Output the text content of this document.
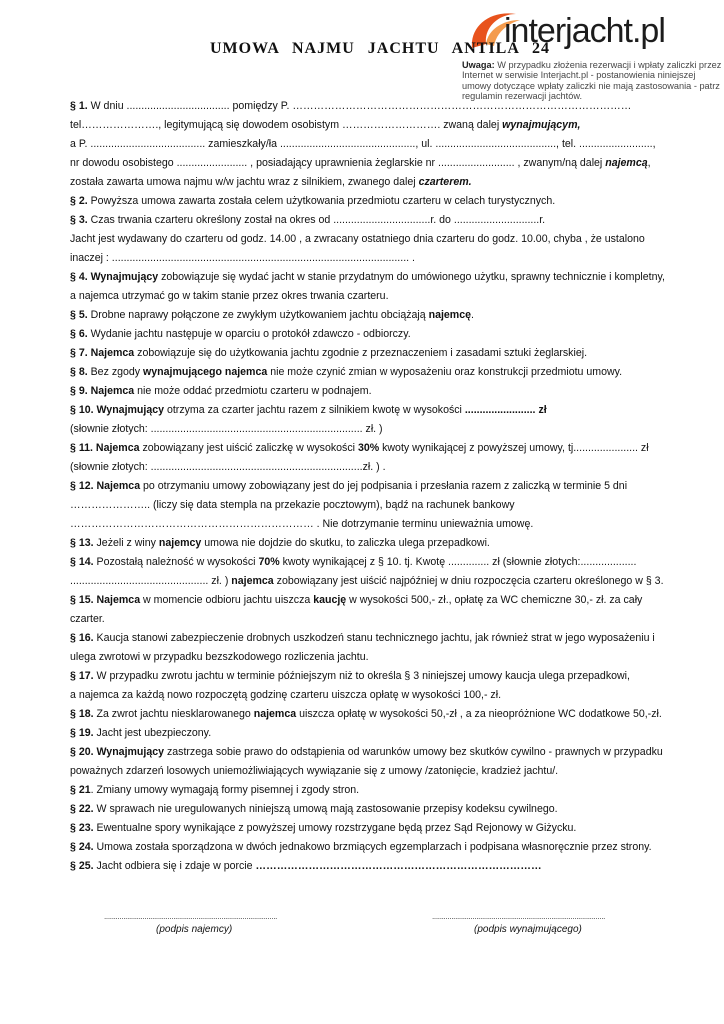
interjacht.pl
UMOWA NAJMU JACHTU ANTILA 24
Uwaga: W przypadku złożenia rezerwacji i wpłaty zaliczki przez Internet w serwisie Interjacht.pl - postanowienia niniejszej umowy dotyczące wpłaty zaliczki nie mają zastosowania - patrz regulamin rezerwacji jachtów.
§ 1. W dniu ................................... pomiędzy P. ……………………………………………………………………………………
tel…………………., legitymującą się dowodem osobistym ………………………. zwaną dalej wynajmującym,
a P. ....................................... zamieszkały/ła .............................................., ul. ........................................., tel. .........................,
nr dowodu osobistego ........................ , posiadający uprawnienia żeglarskie nr .......................... , zwanym/ną dalej najemcą,
została zawarta umowa najmu w/w jachtu wraz z silnikiem, zwanego dalej czarterem.
§ 2. Powyższa umowa zawarta została celem użytkowania przedmiotu czarteru w celach turystycznych.
§ 3. Czas trwania czarteru określony został na okres od .................................r. do .............................r.
Jacht jest wydawany do czarteru od godz. 14.00 , a zwracany ostatniego dnia czarteru do godz. 10.00, chyba , że ustalono
inaczej : ..................................................................................................... .
§ 4. Wynajmujący zobowiązuje się wydać jacht w stanie przydatnym do umówionego użytku, sprawny technicznie i kompletny,
a najemca utrzymać go w takim stanie przez okres trwania czarteru.
§ 5. Drobne naprawy połączone ze zwykłym użytkowaniem jachtu obciążają najemcę.
§ 6. Wydanie jachtu następuje w oparciu o protokół zdawczo - odbiorczy.
§ 7. Najemca zobowiązuje się do użytkowania jachtu zgodnie z przeznaczeniem i zasadami sztuki żeglarskiej.
§ 8. Bez zgody wynajmującego najemca nie może czynić zmian w wyposażeniu oraz konstrukcji przedmiotu umowy.
§ 9. Najemca nie może oddać przedmiotu czarteru w podnajem.
§ 10. Wynajmujący otrzyma za czarter jachtu razem z silnikiem kwotę w wysokości ........................ zł
(słownie złotych: ........................................................................ zł. )
§ 11. Najemca zobowiązany jest uiścić zaliczkę w wysokości 30% kwoty wynikającej z powyższej umowy, tj...................... zł
(słownie złotych: ........................................................................zł. ) .
§ 12. Najemca po otrzymaniu umowy zobowiązany jest do jej podpisania i przesłania razem z zaliczką w terminie 5 dni
………………….. (liczy się data stempla na przekazie pocztowym), bądź na rachunek bankowy
…………………………………………………………… . Nie dotrzymanie terminu unieważnia umowę.
§ 13. Jeżeli z winy najemcy umowa nie dojdzie do skutku, to zaliczka ulega przepadkowi.
§ 14. Pozostałą należność w wysokości 70% kwoty wynikającej z § 10. tj. Kwotę .............. zł (słownie złotych:...................
............................................... zł. ) najemca zobowiązany jest uiścić najpóźniej w dniu rozpoczęcia czarteru określonego w § 3.
§ 15. Najemca w momencie odbioru jachtu uiszcza kaucję w wysokości 500,- zł., opłatę za WC chemiczne 30,- zł. za cały
czarter.
§ 16. Kaucja stanowi zabezpieczenie drobnych uszkodzeń stanu technicznego jachtu, jak również strat w jego wyposażeniu i
ulega zwrotowi w przypadku bezszkodowego rozliczenia jachtu.
§ 17. W przypadku zwrotu jachtu w terminie późniejszym niż to określa § 3 niniejszej umowy kaucja ulega przepadkowi,
a najemca za każdą nowo rozpoczętą godzinę czarteru uiszcza opłatę w wysokości 100,- zł.
§ 18. Za zwrot jachtu niesklarowanego najemca uiszcza opłatę w wysokości 50,-zł , a za nieopróżnione WC dodatkowe 50,-zł.
§ 19. Jacht jest ubezpieczony.
§ 20. Wynajmujący zastrzega sobie prawo do odstąpienia od warunków umowy bez skutków cywilno - prawnych w przypadku
poważnych zdarzeń losowych uniemożliwiających wywiązanie się z umowy /zatonięcie, kradzież jachtu/.
§ 21. Zmiany umowy wymagają formy pisemnej i zgody stron.
§ 22. W sprawach nie uregulowanych niniejszą umową mają zastosowanie przepisy kodeksu cywilnego.
§ 23. Ewentualne spory wynikające z powyższej umowy rozstrzygane będą przez Sąd Rejonowy w Giżycku.
§ 24. Umowa została sporządzona w dwóch jednakowo brzmiących egzemplarzach i podpisana własnoręcznie przez strony.
§ 25. Jacht odbiera się i zdaje w porcie ………………………………………………………………………
..........................................................................................
(podpis najemcy)
..........................................................................................
(podpis wynajmującego)
